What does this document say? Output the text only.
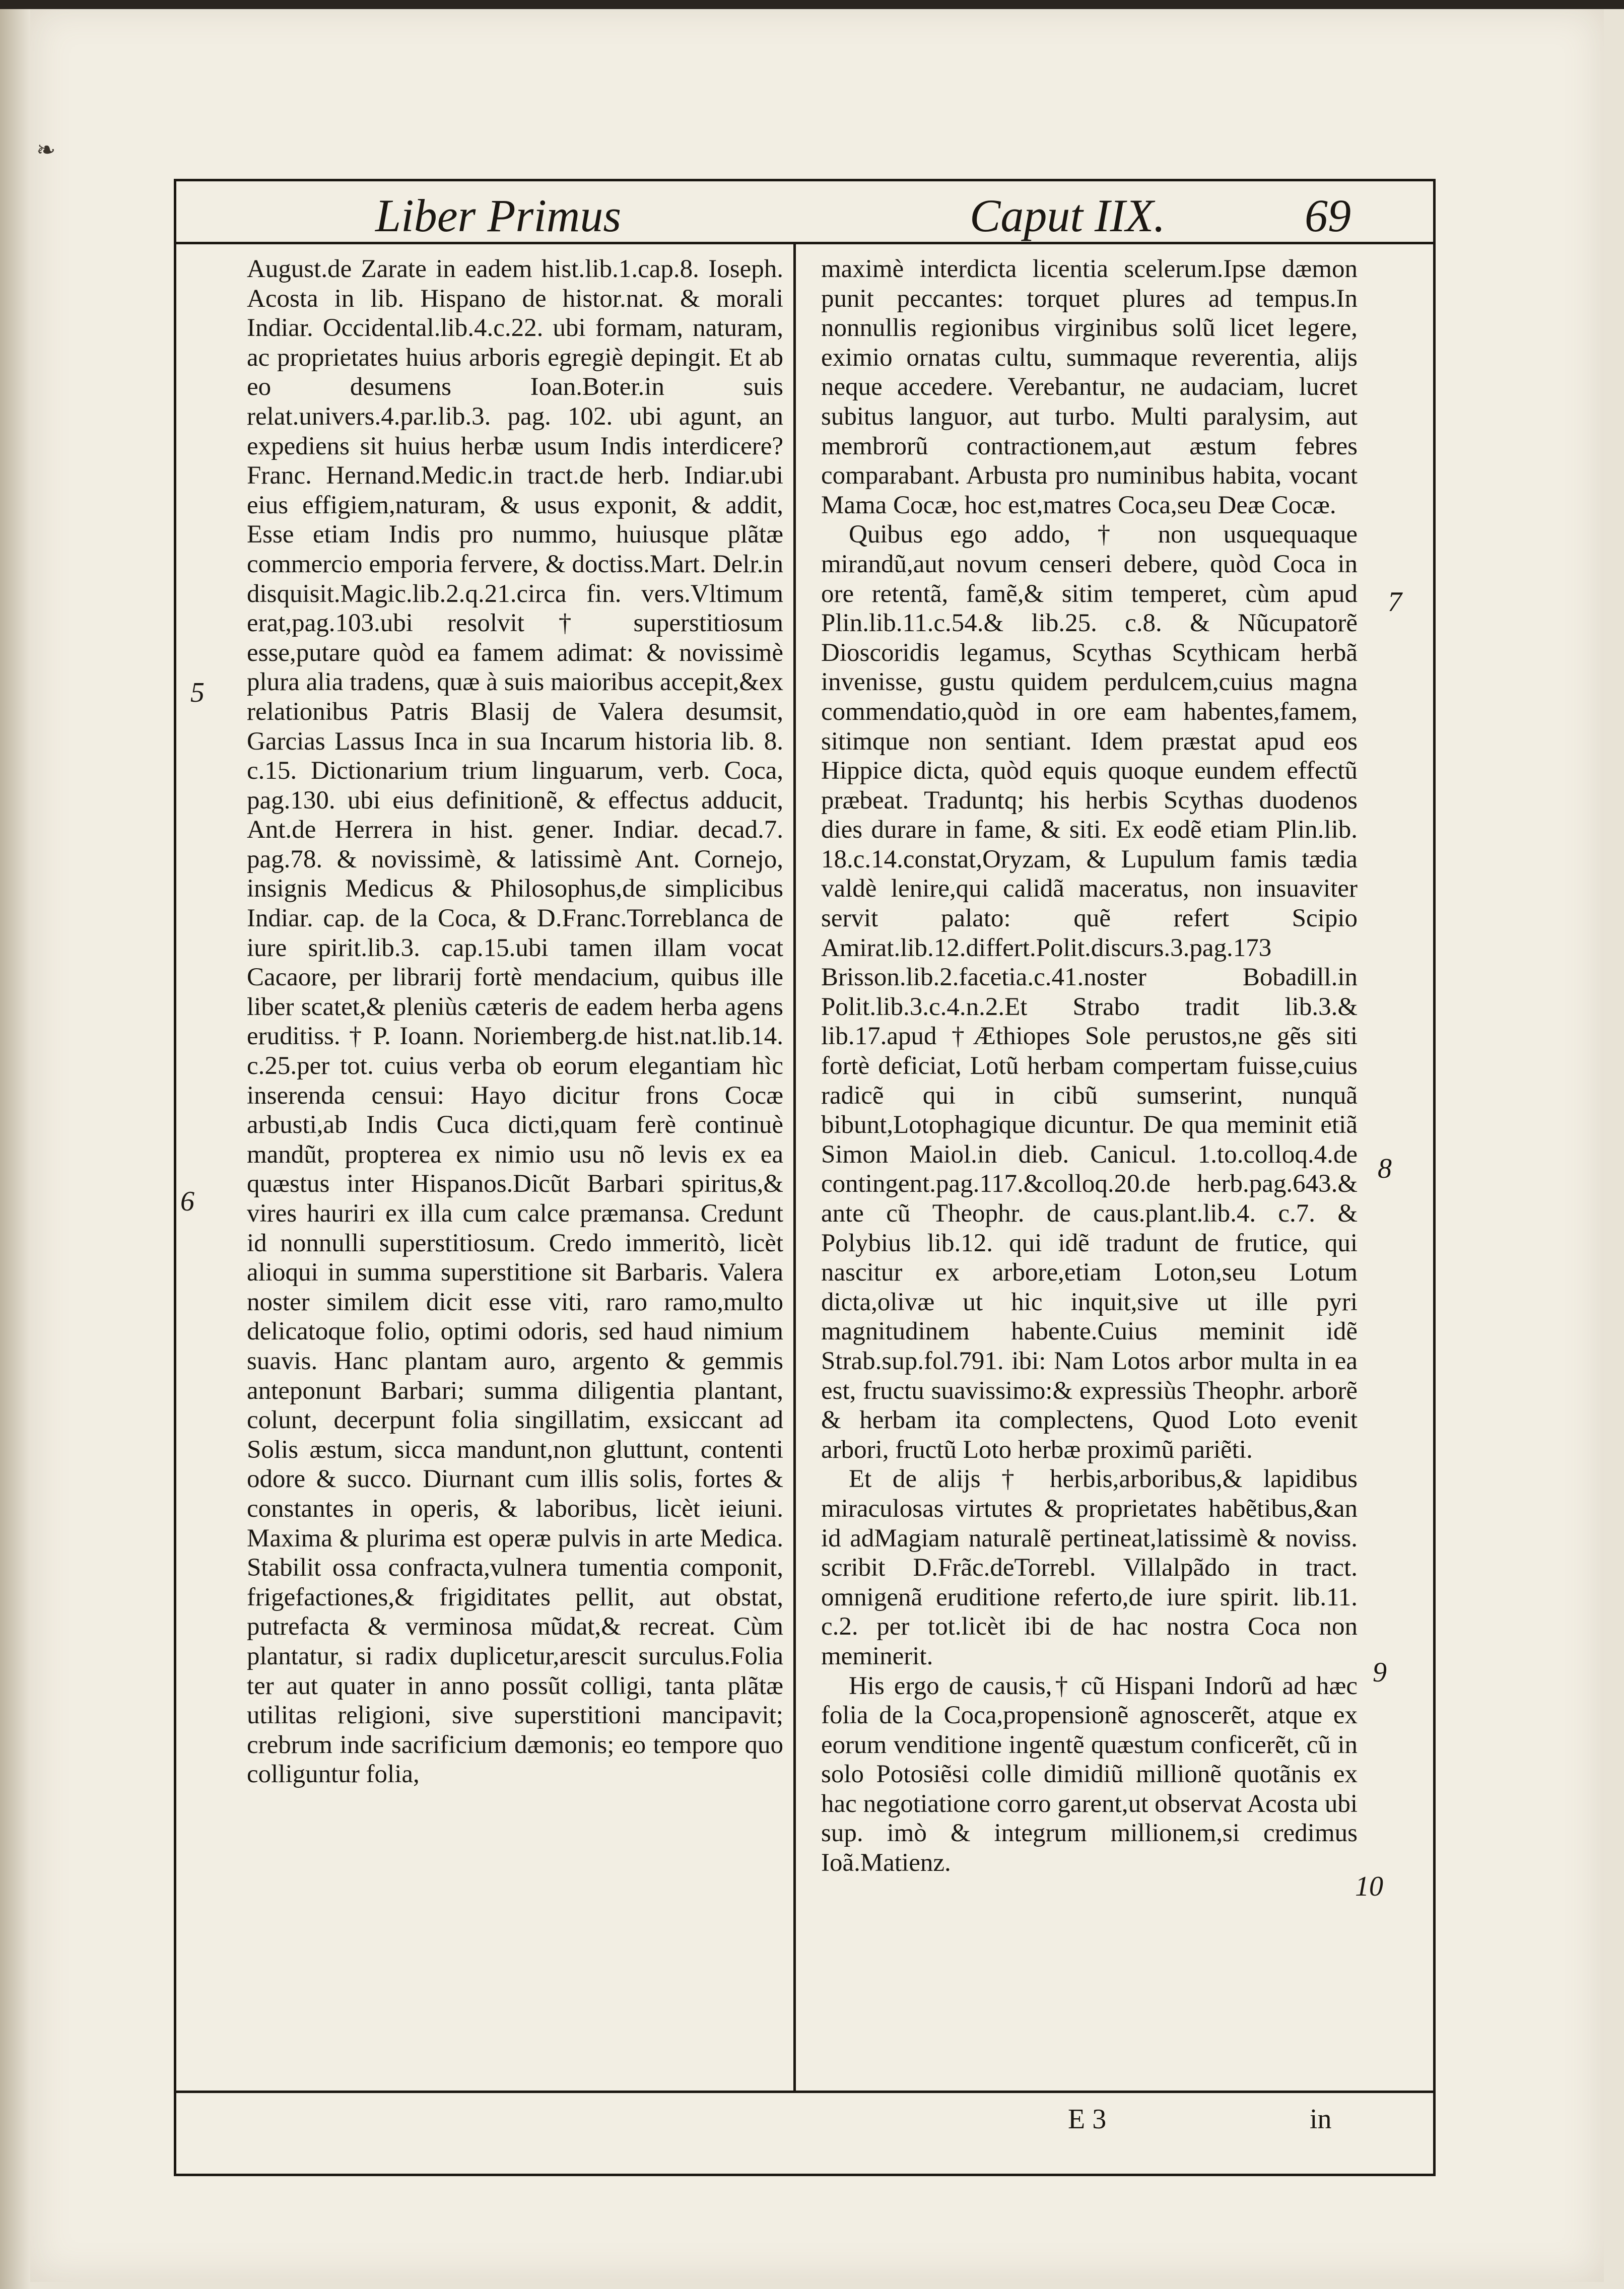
❧
Liber Primus	Caput IIX.	69

August.de Zarate in eadem hist.lib.1.cap.8. Ioseph. Acosta in lib. Hispano de histor.nat. & morali Indiar. Occidental.lib.4.c.22. ubi formam, naturam, ac proprietates huius arboris egregiè depingit. Et ab eo desumens Ioan.Boter.in suis relat.univers.4.par.lib.3. pag. 102. ubi agunt, an expediens sit huius herbæ usum Indis interdicere? Franc. Hernand.Medic.in tract.de herb. Indiar.ubi eius effigiem,naturam, & usus exponit, & addit, Esse etiam Indis pro nummo, huiusque plãtæ commercio emporia fervere, & doctiss.Mart. Delr.in disquisit.Magic.lib.2.q.21.circa fin. vers.Vltimum erat,pag.103.ubi resolvit † superstitiosum esse,putare quòd ea famem adimat: & novissimè plura alia tradens, quæ à suis maioribus accepit,&ex relationibus Patris Blasij de Valera desumsit, Garcias Lassus Inca in sua Incarum historia lib. 8. c.15. Dictionarium trium linguarum, verb. Coca, pag.130. ubi eius definitionẽ, & effectus adducit, Ant.de Herrera in hist. gener. Indiar. decad.7. pag.78. & novissimè, & latissimè Ant. Cornejo, insignis Medicus & Philosophus,de simplicibus Indiar. cap. de la Coca, & D.Franc.Torreblanca de iure spirit.lib.3. cap.15.ubi tamen illam vocat Cacaore, per librarij fortè mendacium, quibus ille liber scatet,& pleniùs cæteris de eadem herba agens eruditiss. † P. Ioann. Noriemberg.de hist.nat.lib.14. c.25.per tot. cuius verba ob eorum elegantiam hìc inserenda censui: Hayo dicitur frons Cocæ arbusti,ab Indis Cuca dicti,quam ferè continuè mandũt, propterea ex nimio usu nõ levis ex ea quæstus inter Hispanos.Dicũt Barbari spiritus,& vires hauriri ex illa cum calce præmansa. Credunt id nonnulli superstitiosum. Credo immeritò, licèt alioqui in summa superstitione sit Barbaris. Valera noster similem dicit esse viti, raro ramo,multo delicatoque folio, optimi odoris, sed haud nimium suavis. Hanc plantam auro, argento & gemmis anteponunt Barbari; summa diligentia plantant, colunt, decerpunt folia singillatim, exsiccant ad Solis æstum, sicca mandunt,non gluttunt, contenti odore & succo. Diurnant cum illis solis, fortes & constantes in operis, & laboribus, licèt ieiuni. Maxima & plurima est operæ pulvis in arte Medica. Stabilit ossa confracta,vulnera tumentia componit, frigefactiones,& frigiditates pellit, aut obstat, putrefacta & verminosa mũdat,& recreat. Cùm plantatur, si radix duplicetur,arescit surculus.Folia ter aut quater in anno possũt colligi, tanta plãtæ utilitas religioni, sive superstitioni mancipavit; crebrum inde sacrificium dæmonis; eo tempore quo colliguntur folia,

maximè interdicta licentia scelerum.Ipse dæmon punit peccantes: torquet plures ad tempus.In nonnullis regionibus virginibus solũ licet legere, eximio ornatas cultu, summaque reverentia, alijs neque accedere. Verebantur, ne audaciam, lucret subitus languor, aut turbo. Multi paralysim, aut membrorũ contractionem,aut æstum febres comparabant. Arbusta pro numinibus habita, vocant Mama Cocæ, hoc est,matres Coca,seu Deæ Cocæ.

Quibus ego addo, † non usquequaque mirandũ,aut novum censeri debere, quòd Coca in ore retentã, famẽ,& sitim temperet, cùm apud Plin.lib.11.c.54.& lib.25. c.8. & Nũcupatorẽ Dioscoridis legamus, Scythas Scythicam herbã invenisse, gustu quidem perdulcem,cuius magna commendatio,quòd in ore eam habentes,famem, sitimque non sentiant. Idem præstat apud eos Hippice dicta, quòd equis quoque eundem effectũ præbeat. Traduntq; his herbis Scythas duodenos dies durare in fame, & siti. Ex eodẽ etiam Plin.lib. 18.c.14.constat,Oryzam, & Lupulum famis tædia valdè lenire,qui calidã maceratus, non insuaviter servit palato: quẽ refert Scipio Amirat.lib.12.differt.Polit.discurs.3.pag.173 Brisson.lib.2.facetia.c.41.noster Bobadill.in Polit.lib.3.c.4.n.2.Et Strabo tradit lib.3.& lib.17.apud †Æthiopes Sole perustos,ne gẽs siti fortè deficiat, Lotũ herbam compertam fuisse,cuius radicẽ qui in cibũ sumserint, nunquã bibunt,Lotophagique dicuntur. De qua meminit etiã Simon Maiol.in dieb. Canicul. 1.to.colloq.4.de contingent.pag.117.&colloq.20.de herb.pag.643.& ante cũ Theophr. de caus.plant.lib.4. c.7. & Polybius lib.12. qui idẽ tradunt de frutice, qui nascitur ex arbore,etiam Loton,seu Lotum dicta,olivæ ut hic inquit,sive ut ille pyri magnitudinem habente.Cuius meminit idẽ Strab.sup.fol.791. ibi: Nam Lotos arbor multa in ea est, fructu suavissimo:& expressiùs Theophr. arborẽ & herbam ita complectens, Quod Loto evenit arbori, fructũ Loto herbæ proximũ pariẽti.

Et de alijs † herbis,arboribus,& lapidibus miraculosas virtutes & proprietates habẽtibus,&an id adMagiam naturalẽ pertineat,latissimè & noviss. scribit D.Frãc.deTorrebl. Villalpãdo in tract. omnigenã eruditione referto,de iure spirit. lib.11. c.2. per tot.licèt ibi de hac nostra Coca non meminerit.

His ergo de causis,† cũ Hispani Indorũ ad hæc folia de la Coca,propensionẽ agnoscerẽt, atque ex eorum venditione ingentẽ quæstum conficerẽt, cũ in solo Potosiẽsi colle dimidiũ millionẽ quotãnis ex hac negotiatione corro garent,ut observat Acosta ubi sup. imò & integrum millionem,si credimus Ioã.Matienz.

5
6
7
8
9
10
E 3	in
